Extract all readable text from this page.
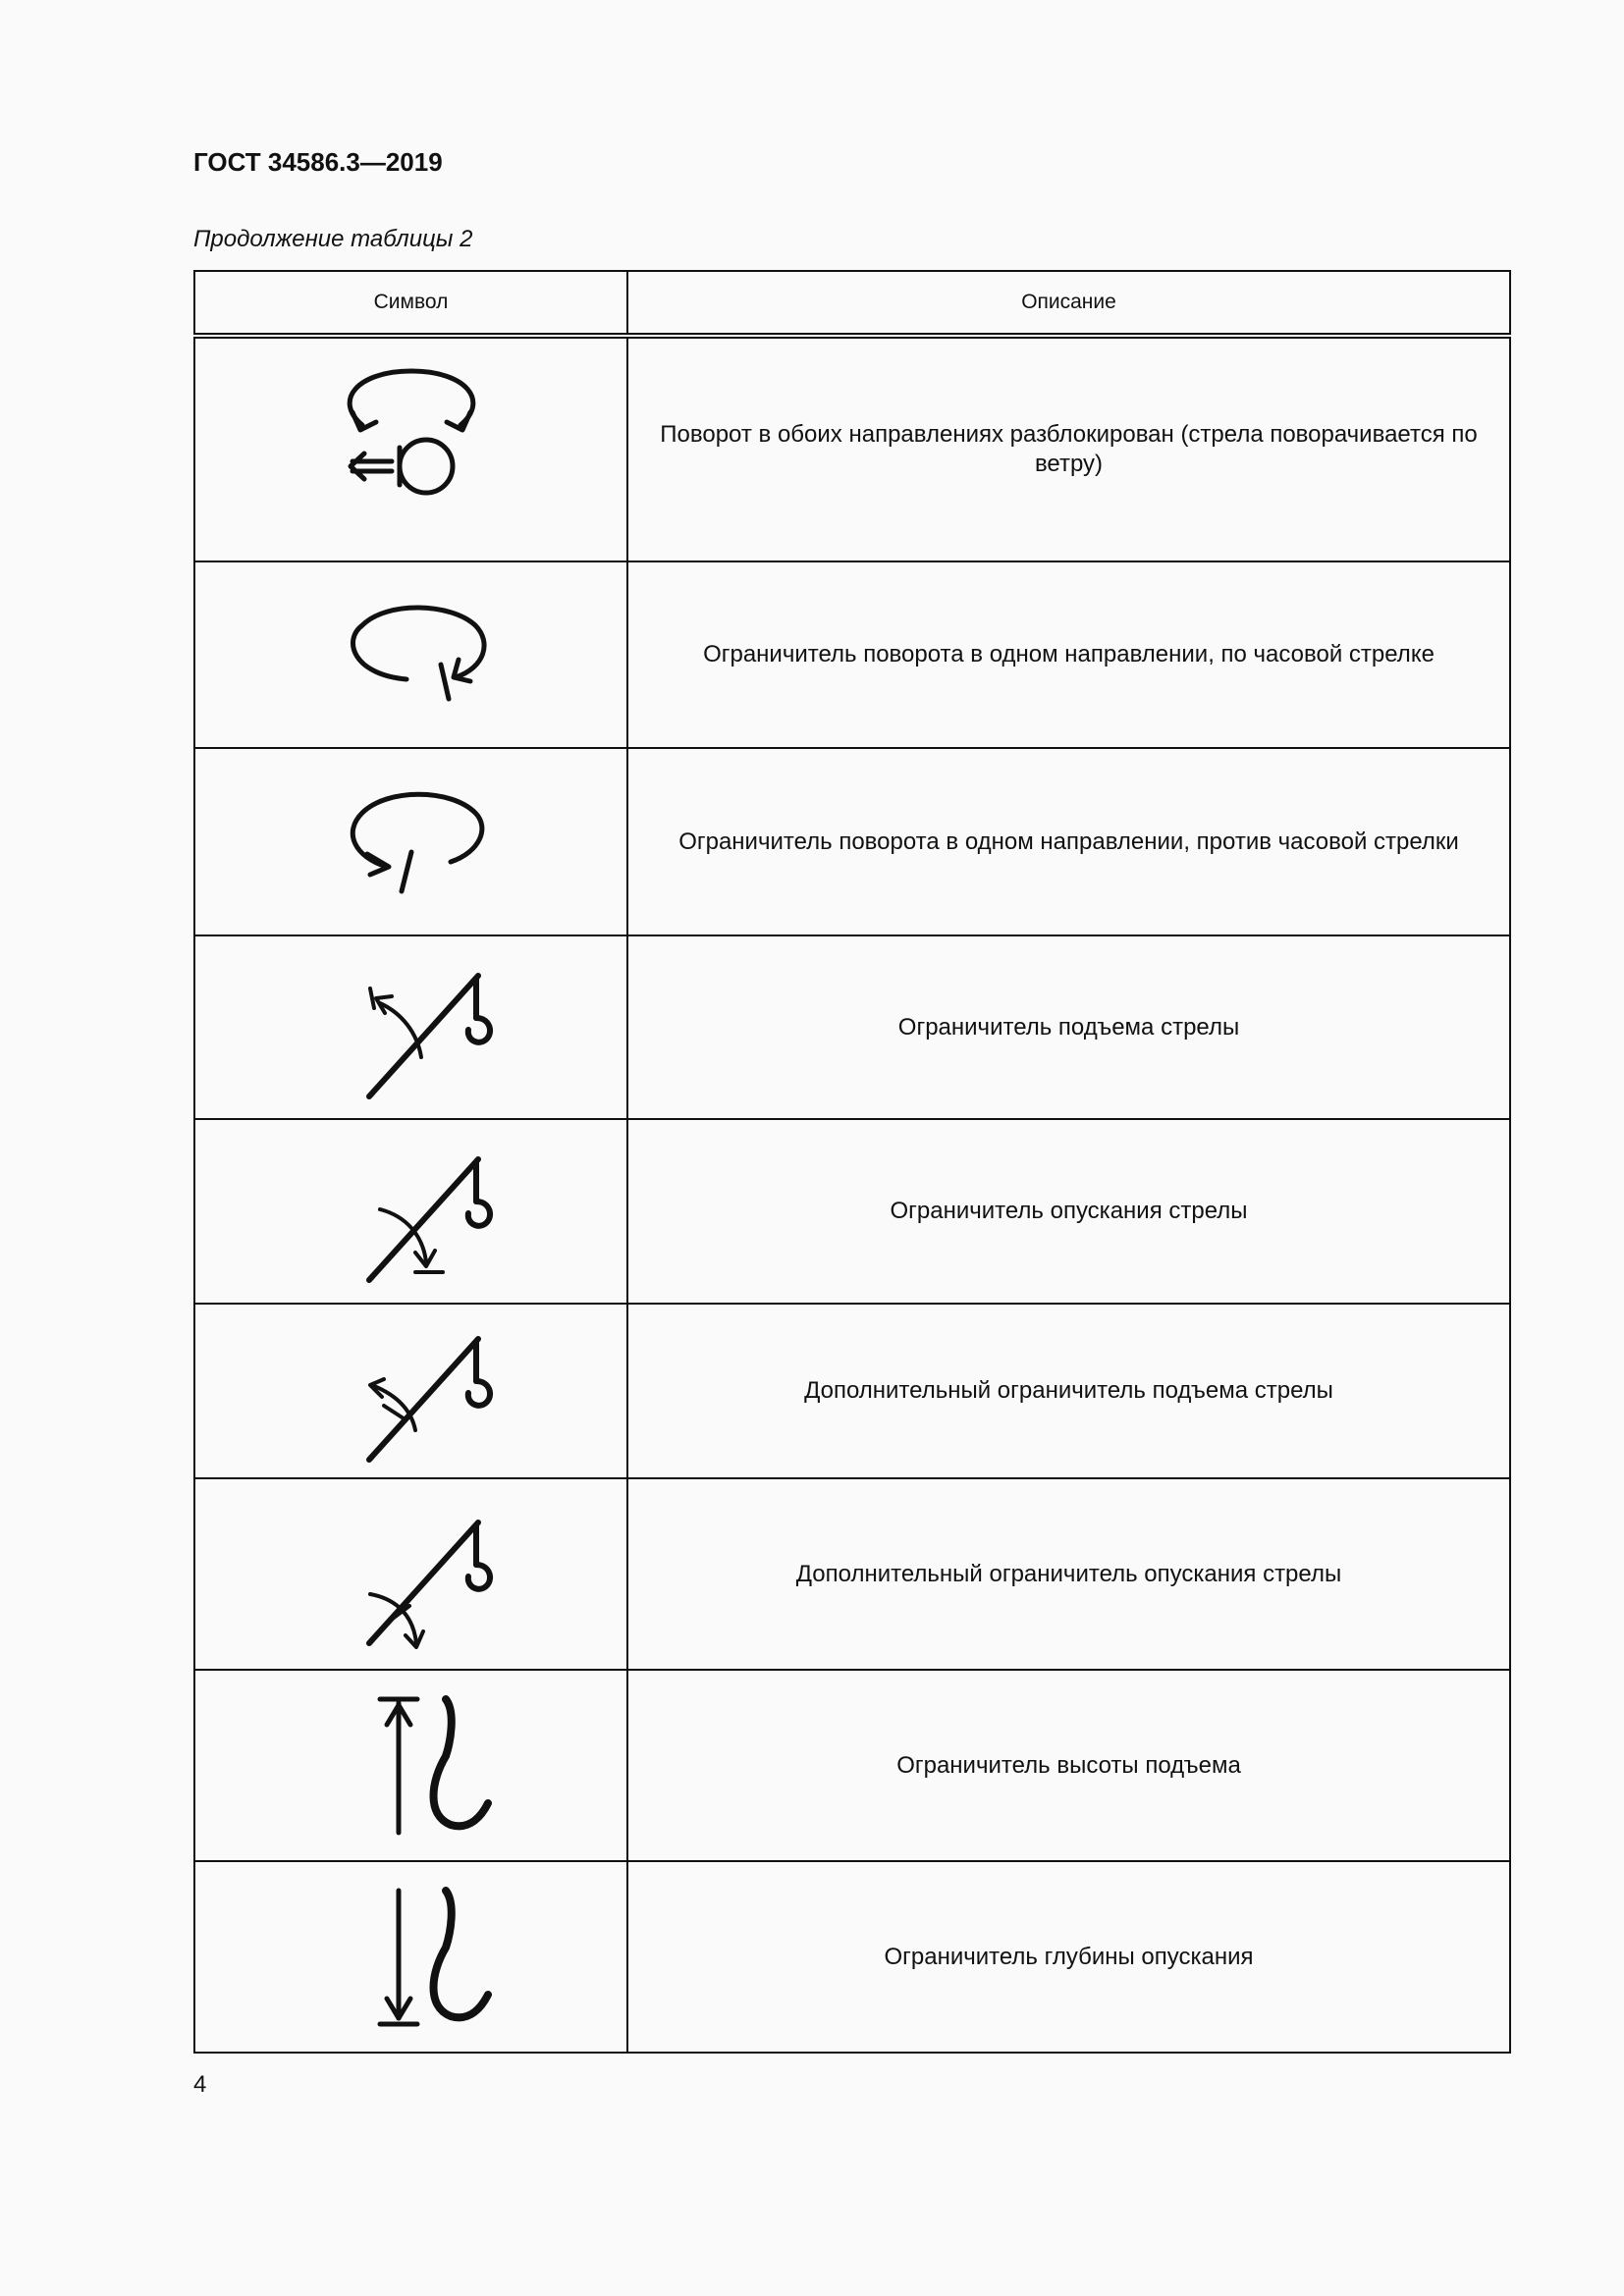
ГОСТ 34586.3—2019
Продолжение таблицы 2
Символ	Описание

	Поворот в обоих направлениях разблокирован (стрела поворачивается по ветру)

	Ограничитель поворота в одном направлении, по часовой стрелке

	Ограничитель поворота в одном направлении, против часовой стрелки

	Ограничитель подъема стрелы

	Ограничитель опускания стрелы

	Дополнительный ограничитель подъема стрелы

	Дополнительный ограничитель опускания стрелы

	Ограничитель высоты подъема

	Ограничитель глубины опускания
4
